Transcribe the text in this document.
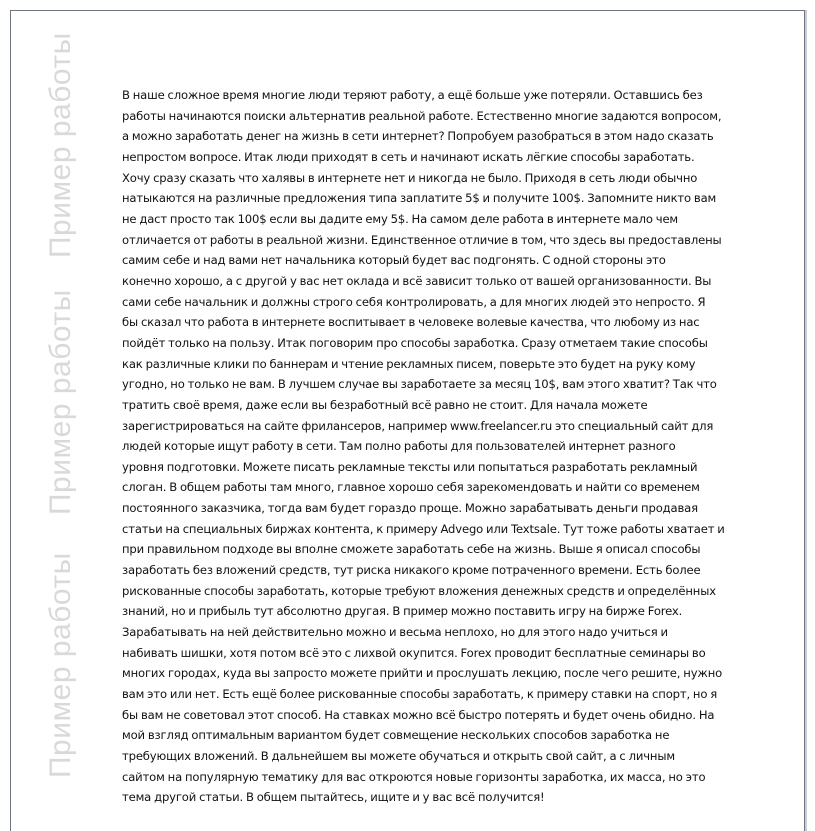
Пример работы
Пример работы
Пример работы
В наше сложное время многие люди теряют работу, а ещё больше уже потеряли. Оставшись без
работы начинаются поиски альтернатив реальной работе. Естественно многие задаются вопросом,
а можно заработать денег на жизнь в сети интернет? Попробуем разобраться в этом надо сказать
непростом вопросе. Итак люди приходят в сеть и начинают искать лёгкие способы заработать.
Хочу сразу сказать что халявы в интернете нет и никогда не было. Приходя в сеть люди обычно
натыкаются на различные предложения типа заплатите 5$ и получите 100$. Запомните никто вам
не даст просто так 100$ если вы дадите ему 5$. На самом деле работа в интернете мало чем
отличается от работы в реальной жизни. Единственное отличие в том, что здесь вы предоставлены
самим себе и над вами нет начальника который будет вас подгонять. С одной стороны это
конечно хорошо, а с другой у вас нет оклада и всё зависит только от вашей организованности. Вы
сами себе начальник и должны строго себя контролировать, а для многих людей это непросто. Я
бы сказал что работа в интернете воспитывает в человеке волевые качества, что любому из нас
пойдёт только на пользу. Итак поговорим про способы заработка. Сразу отметаем такие способы
как различные клики по баннерам и чтение рекламных писем, поверьте это будет на руку кому
угодно, но только не вам. В лучшем случае вы заработаете за месяц 10$, вам этого хватит? Так что
тратить своё время, даже если вы безработный всё равно не стоит. Для начала можете
зарегистрироваться на сайте фрилансеров, например www.freelancer.ru это специальный сайт для
людей которые ищут работу в сети. Там полно работы для пользователей интернет разного
уровня подготовки. Можете писать рекламные тексты или попытаться разработать рекламный
слоган. В общем работы там много, главное хорошо себя зарекомендовать и найти со временем
постоянного заказчика, тогда вам будет гораздо проще. Можно зарабатывать деньги продавая
статьи на специальных биржах контента, к примеру Advego или Textsale. Тут тоже работы хватает и
при правильном подходе вы вполне сможете заработать себе на жизнь. Выше я описал способы
заработать без вложений средств, тут риска никакого кроме потраченного времени. Есть более
рискованные способы заработать, которые требуют вложения денежных средств и определённых
знаний, но и прибыль тут абсолютно другая. В пример можно поставить игру на бирже Forex.
Зарабатывать на ней действительно можно и весьма неплохо, но для этого надо учиться и
набивать шишки, хотя потом всё это с лихвой окупится. Forex проводит бесплатные семинары во
многих городах, куда вы запросто можете прийти и прослушать лекцию, после чего решите, нужно
вам это или нет. Есть ещё более рискованные способы заработать, к примеру ставки на спорт, но я
бы вам не советовал этот способ. На ставках можно всё быстро потерять и будет очень обидно. На
мой взгляд оптимальным вариантом будет совмещение нескольких способов заработка не
требующих вложений. В дальнейшем вы можете обучаться и открыть свой сайт, а с личным
сайтом на популярную тематику для вас откроются новые горизонты заработка, их масса, но это
тема другой статьи. В общем пытайтесь, ищите и у вас всё получится!
